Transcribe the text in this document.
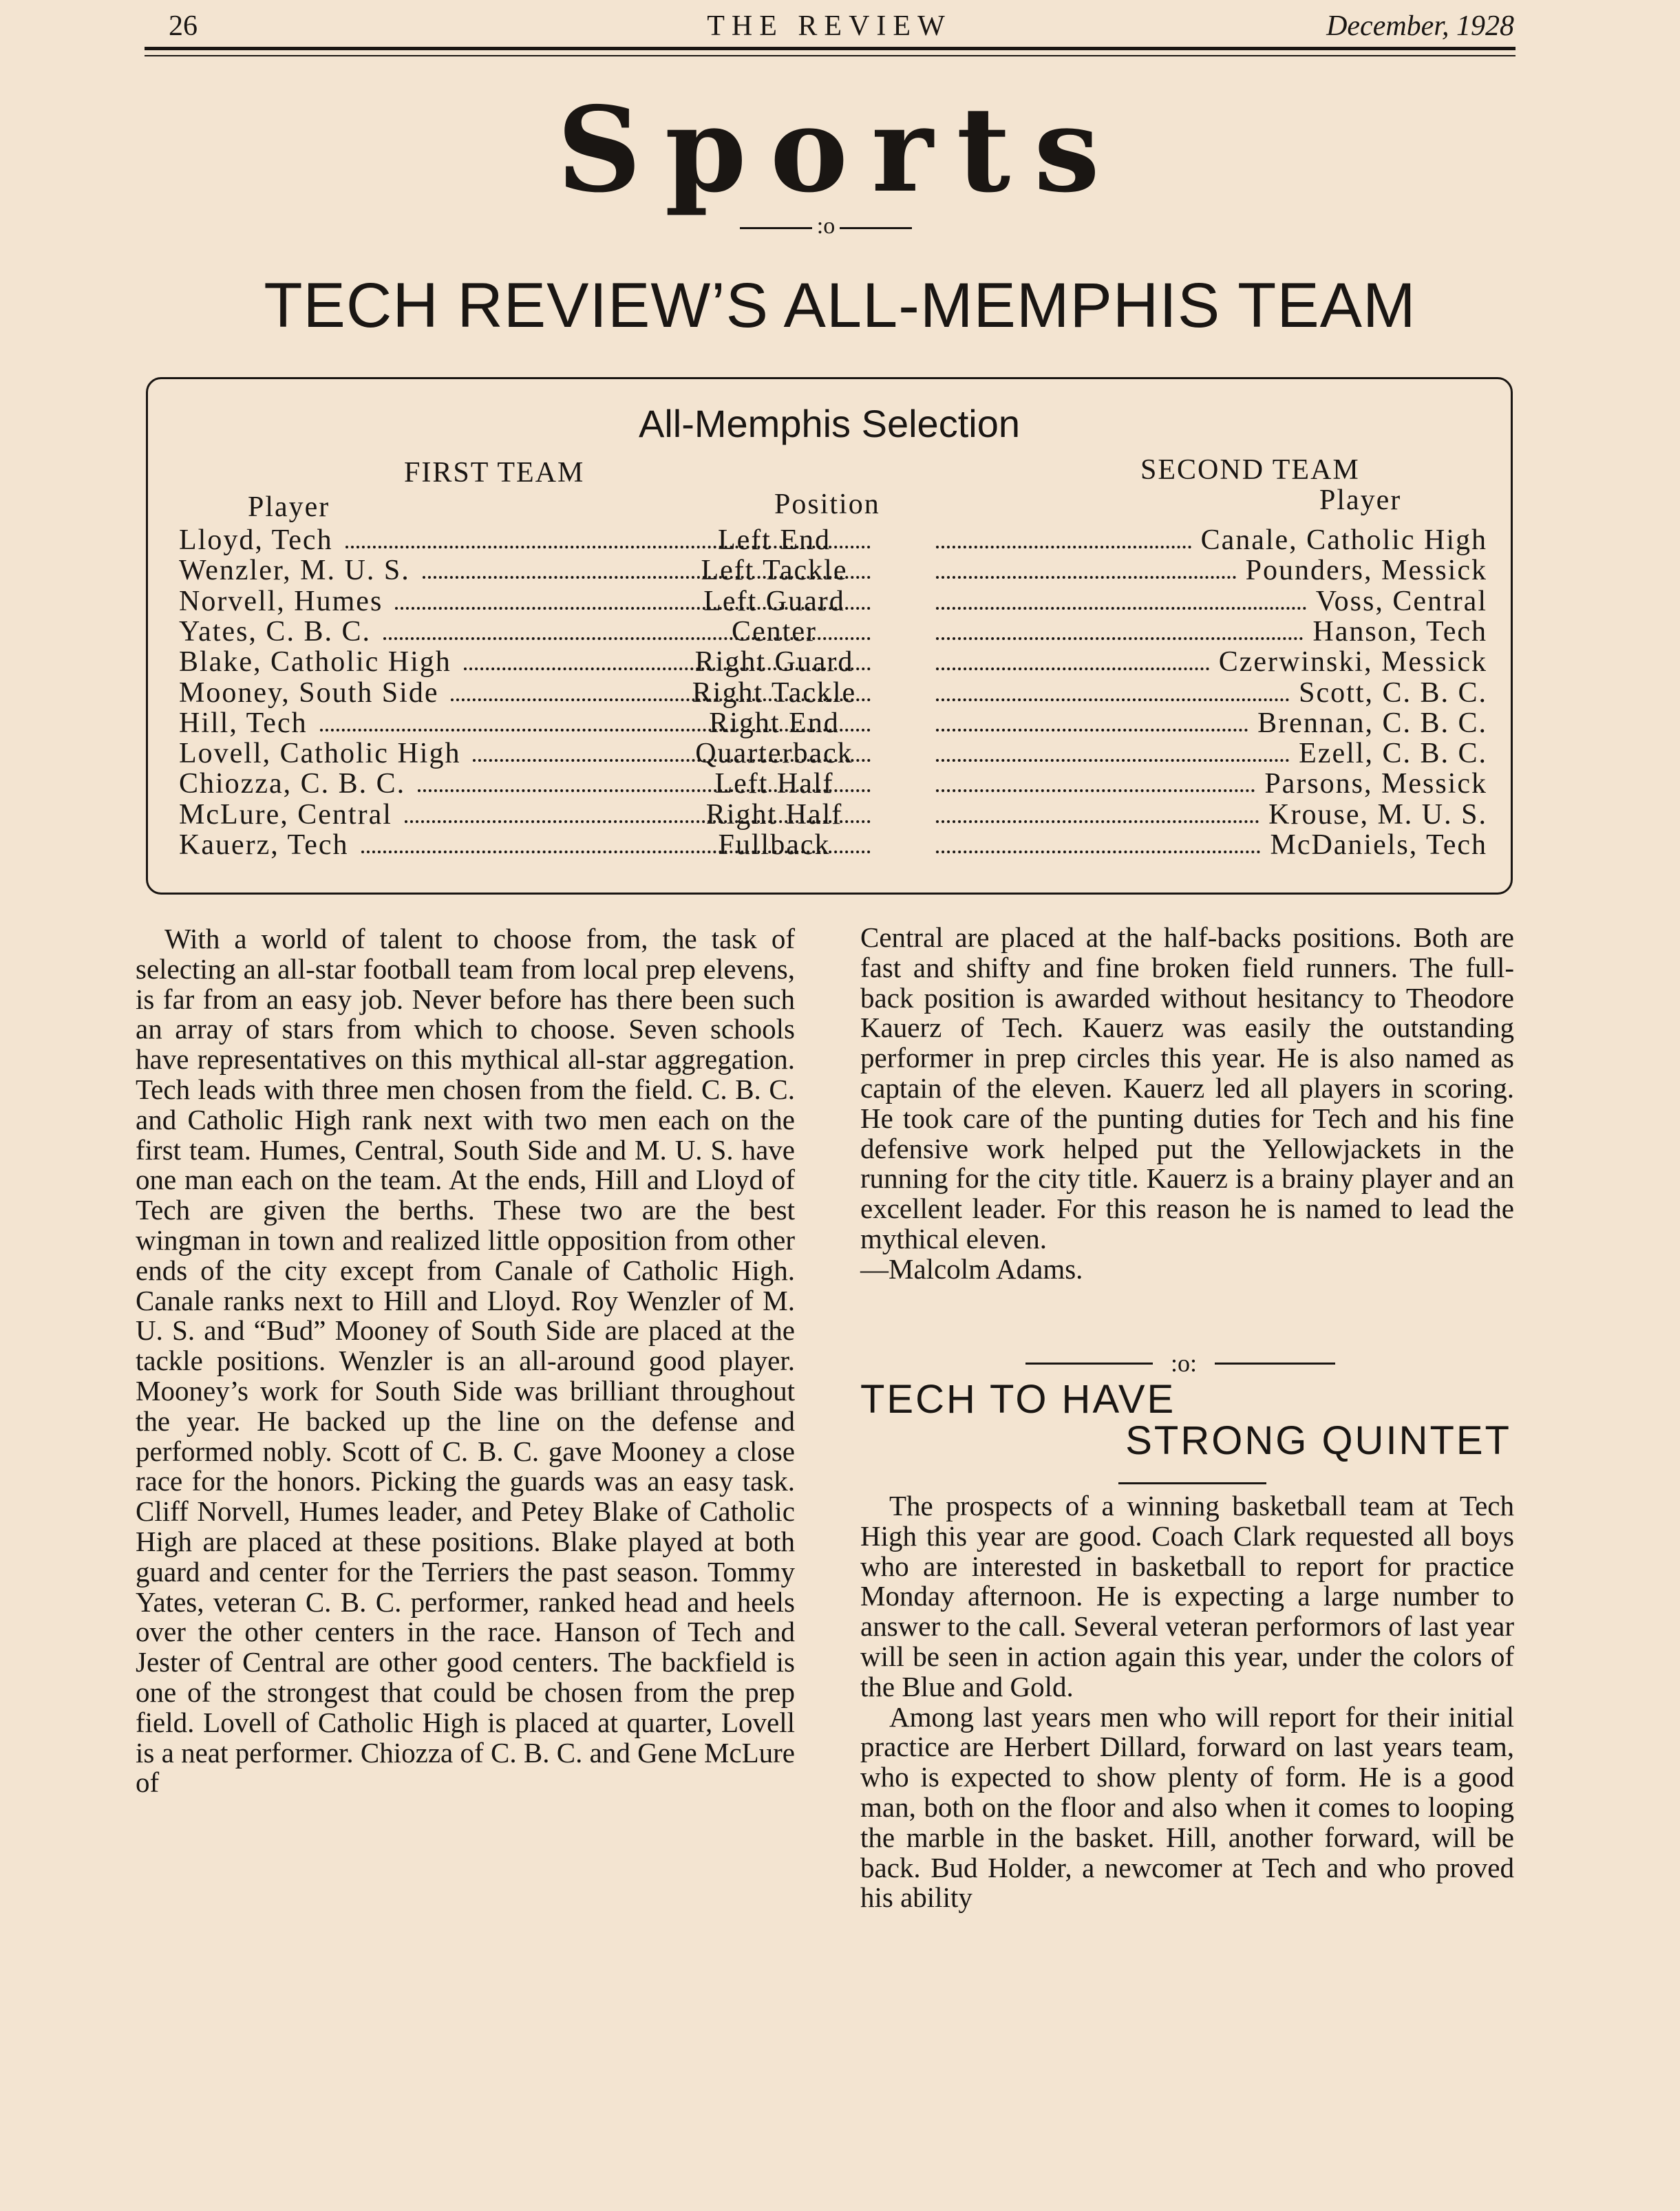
26	THE REVIEW	December, 1928
Sports
:o
TECH REVIEW’S ALL-MEMPHIS TEAM
All-Memphis Selection
FIRST TEAM	SECOND TEAM
Player	Position	Player
Lloyd, Tech	Left End	Canale, Catholic High
Wenzler, M. U. S.	Left Tackle	Pounders, Messick
Norvell, Humes	Left Guard	Voss, Central
Yates, C. B. C.	Center	Hanson, Tech
Blake, Catholic High	Right Guard	Czerwinski, Messick
Mooney, South Side	Right Tackle	Scott, C. B. C.
Hill, Tech	Right End	Brennan, C. B. C.
Lovell, Catholic High	Quarterback	Ezell, C. B. C.
Chiozza, C. B. C.	Left Half	Parsons, Messick
McLure, Central	Right Half	Krouse, M. U. S.
Kauerz, Tech	Fullback	McDaniels, Tech

With a world of talent to choose from, the task of selecting an all-star football team from local prep elevens, is far from an easy job. Never before has there been such an array of stars from which to choose. Seven schools have representatives on this mythical all-star aggregation. Tech leads with three men chosen from the field. C. B. C. and Catholic High rank next with two men each on the first team. Humes, Central, South Side and M. U. S. have one man each on the team. At the ends, Hill and Lloyd of Tech are given the berths. These two are the best wingman in town and realized little opposition from other ends of the city except from Canale of Catholic High. Canale ranks next to Hill and Lloyd. Roy Wenzler of M. U. S. and “Bud” Mooney of South Side are placed at the tackle positions. Wenzler is an all-around good player. Mooney’s work for South Side was brilliant throughout the year. He backed up the line on the defense and performed nobly. Scott of C. B. C. gave Mooney a close race for the honors. Picking the guards was an easy task. Cliff Norvell, Humes leader, and Petey Blake of Catholic High are placed at these positions. Blake played at both guard and center for the Terriers the past season. Tommy Yates, veteran C. B. C. performer, ranked head and heels over the other centers in the race. Hanson of Tech and Jester of Central are other good centers. The backfield is one of the strongest that could be chosen from the prep field. Lovell of Catholic High is placed at quarter, Lovell is a neat performer. Chiozza of C. B. C. and Gene McLure of

Central are placed at the half-backs positions. Both are fast and shifty and fine broken field runners. The full-back position is awarded without hesitancy to Theodore Kauerz of Tech. Kauerz was easily the outstanding performer in prep circles this year. He is also named as captain of the eleven. Kauerz led all players in scoring. He took care of the punting duties for Tech and his fine defensive work helped put the Yellowjackets in the running for the city title. Kauerz is a brainy player and an excellent leader. For this reason he is named to lead the mythical eleven.

—Malcolm Adams.

:o:
TECH TO HAVE
STRONG QUINTET

The prospects of a winning basketball team at Tech High this year are good. Coach Clark requested all boys who are interested in basketball to report for practice Monday afternoon. He is expecting a large number to answer to the call. Several veteran performors of last year will be seen in action again this year, under the colors of the Blue and Gold.

Among last years men who will report for their initial practice are Herbert Dillard, forward on last years team, who is expected to show plenty of form. He is a good man, both on the floor and also when it comes to looping the marble in the basket. Hill, another forward, will be back. Bud Holder, a newcomer at Tech and who proved his ability
